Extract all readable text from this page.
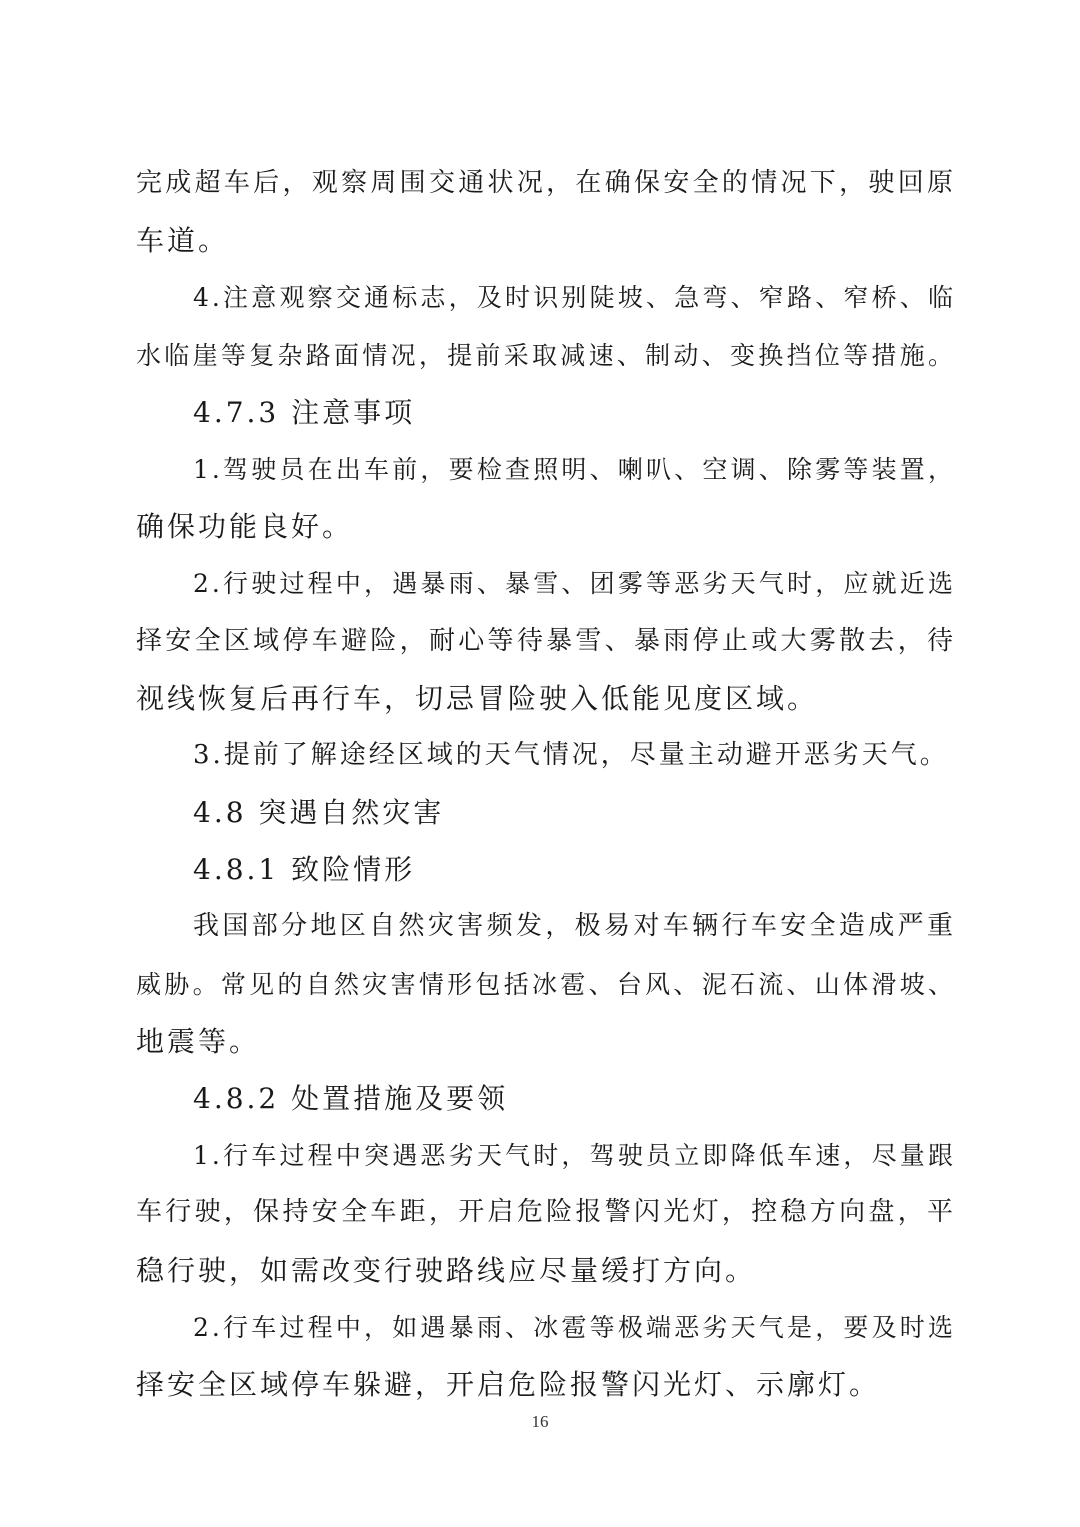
完成超车后，观察周围交通状况，在确保安全的情况下，驶回原
车道。
4.注意观察交通标志，及时识别陡坡、急弯、窄路、窄桥、临
水临崖等复杂路面情况，提前采取减速、制动、变换挡位等措施。
4.7.3 注意事项
1.驾驶员在出车前，要检查照明、喇叭、空调、除雾等装置，
确保功能良好。
2.行驶过程中，遇暴雨、暴雪、团雾等恶劣天气时，应就近选
择安全区域停车避险，耐心等待暴雪、暴雨停止或大雾散去，待
视线恢复后再行车，切忌冒险驶入低能见度区域。
3.提前了解途经区域的天气情况，尽量主动避开恶劣天气。
4.8 突遇自然灾害
4.8.1 致险情形
我国部分地区自然灾害频发，极易对车辆行车安全造成严重
威胁。常见的自然灾害情形包括冰雹、台风、泥石流、山体滑坡、
地震等。
4.8.2 处置措施及要领
1.行车过程中突遇恶劣天气时，驾驶员立即降低车速，尽量跟
车行驶，保持安全车距，开启危险报警闪光灯，控稳方向盘，平
稳行驶，如需改变行驶路线应尽量缓打方向。
2.行车过程中，如遇暴雨、冰雹等极端恶劣天气是，要及时选
择安全区域停车躲避，开启危险报警闪光灯、示廓灯。
16
